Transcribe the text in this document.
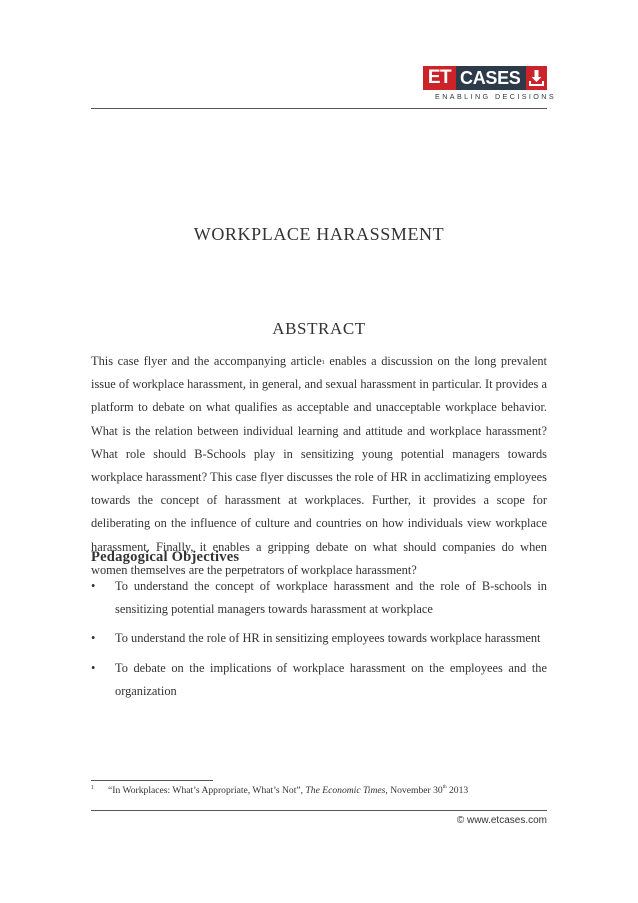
ET CASES
ENABLING DECISIONS
WORKPLACE HARASSMENT
ABSTRACT

This case flyer and the accompanying article$^1$ enables a discussion on the long prevalent issue of workplace harassment, in general, and sexual harassment in particular. It provides a platform to debate on what qualifies as acceptable and unacceptable workplace behavior. What is the relation between individual learning and attitude and workplace harassment? What role should B-Schools play in sensitizing young potential managers towards workplace harassment? This case flyer discusses the role of HR in acclimatizing employees towards the concept of harassment at workplaces. Further, it provides a scope for deliberating on the influence of culture and countries on how individuals view workplace harassment. Finally, it enables a gripping debate on what should companies do when women themselves are the perpetrators of workplace harassment?

Pedagogical Objectives
• To understand the concept of workplace harassment and the role of B-schools in sensitizing potential managers towards harassment at workplace
• To understand the role of HR in sensitizing employees towards workplace harassment
• To debate on the implications of workplace harassment on the employees and the organization
$^1$ “In Workplaces: What’s Appropriate, What’s Not”, The Economic Times, November 30th 2013
© www.etcases.com
